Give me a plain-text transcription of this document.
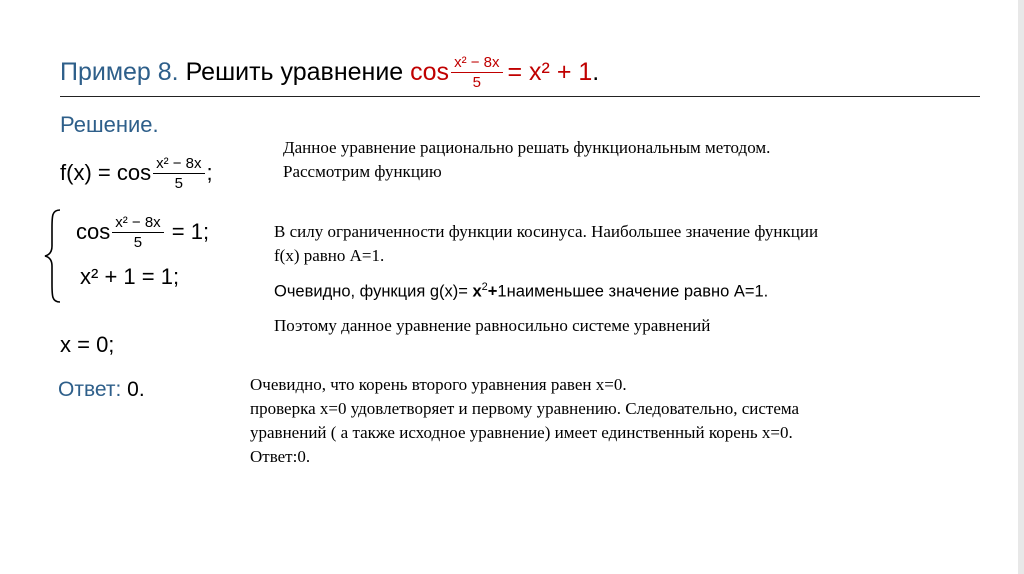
Пример 8. Решить уравнение $\cos \frac{\text{x² − 8x}}{5} = x^2 + 1$ .
Решение.
$f(x) = \cos \frac{\text{x² − 8x}}{5}$ ;
$\cos \frac{\text{x² − 8x}}{5} = 1$;
x² + 1 = 1;
x = 0;
Ответ: 0.
Данное уравнение рационально решать функциональным методом.
Рассмотрим функцию
В силу ограниченности функции косинуса. Наибольшее значение функции
f(x) равно А=1.
Очевидно, функция $g(x)= x^2+1наименьшее$ значение равно А=1.
Поэтому данное уравнение равносильно системе уравнений
Очевидно, что корень второго уравнения равен х=0.
проверка х=0 удовлетворяет и первому уравнению. Следовательно, система
уравнений ( а также исходное уравнение) имеет единственный корень х=0.
Ответ:0.
